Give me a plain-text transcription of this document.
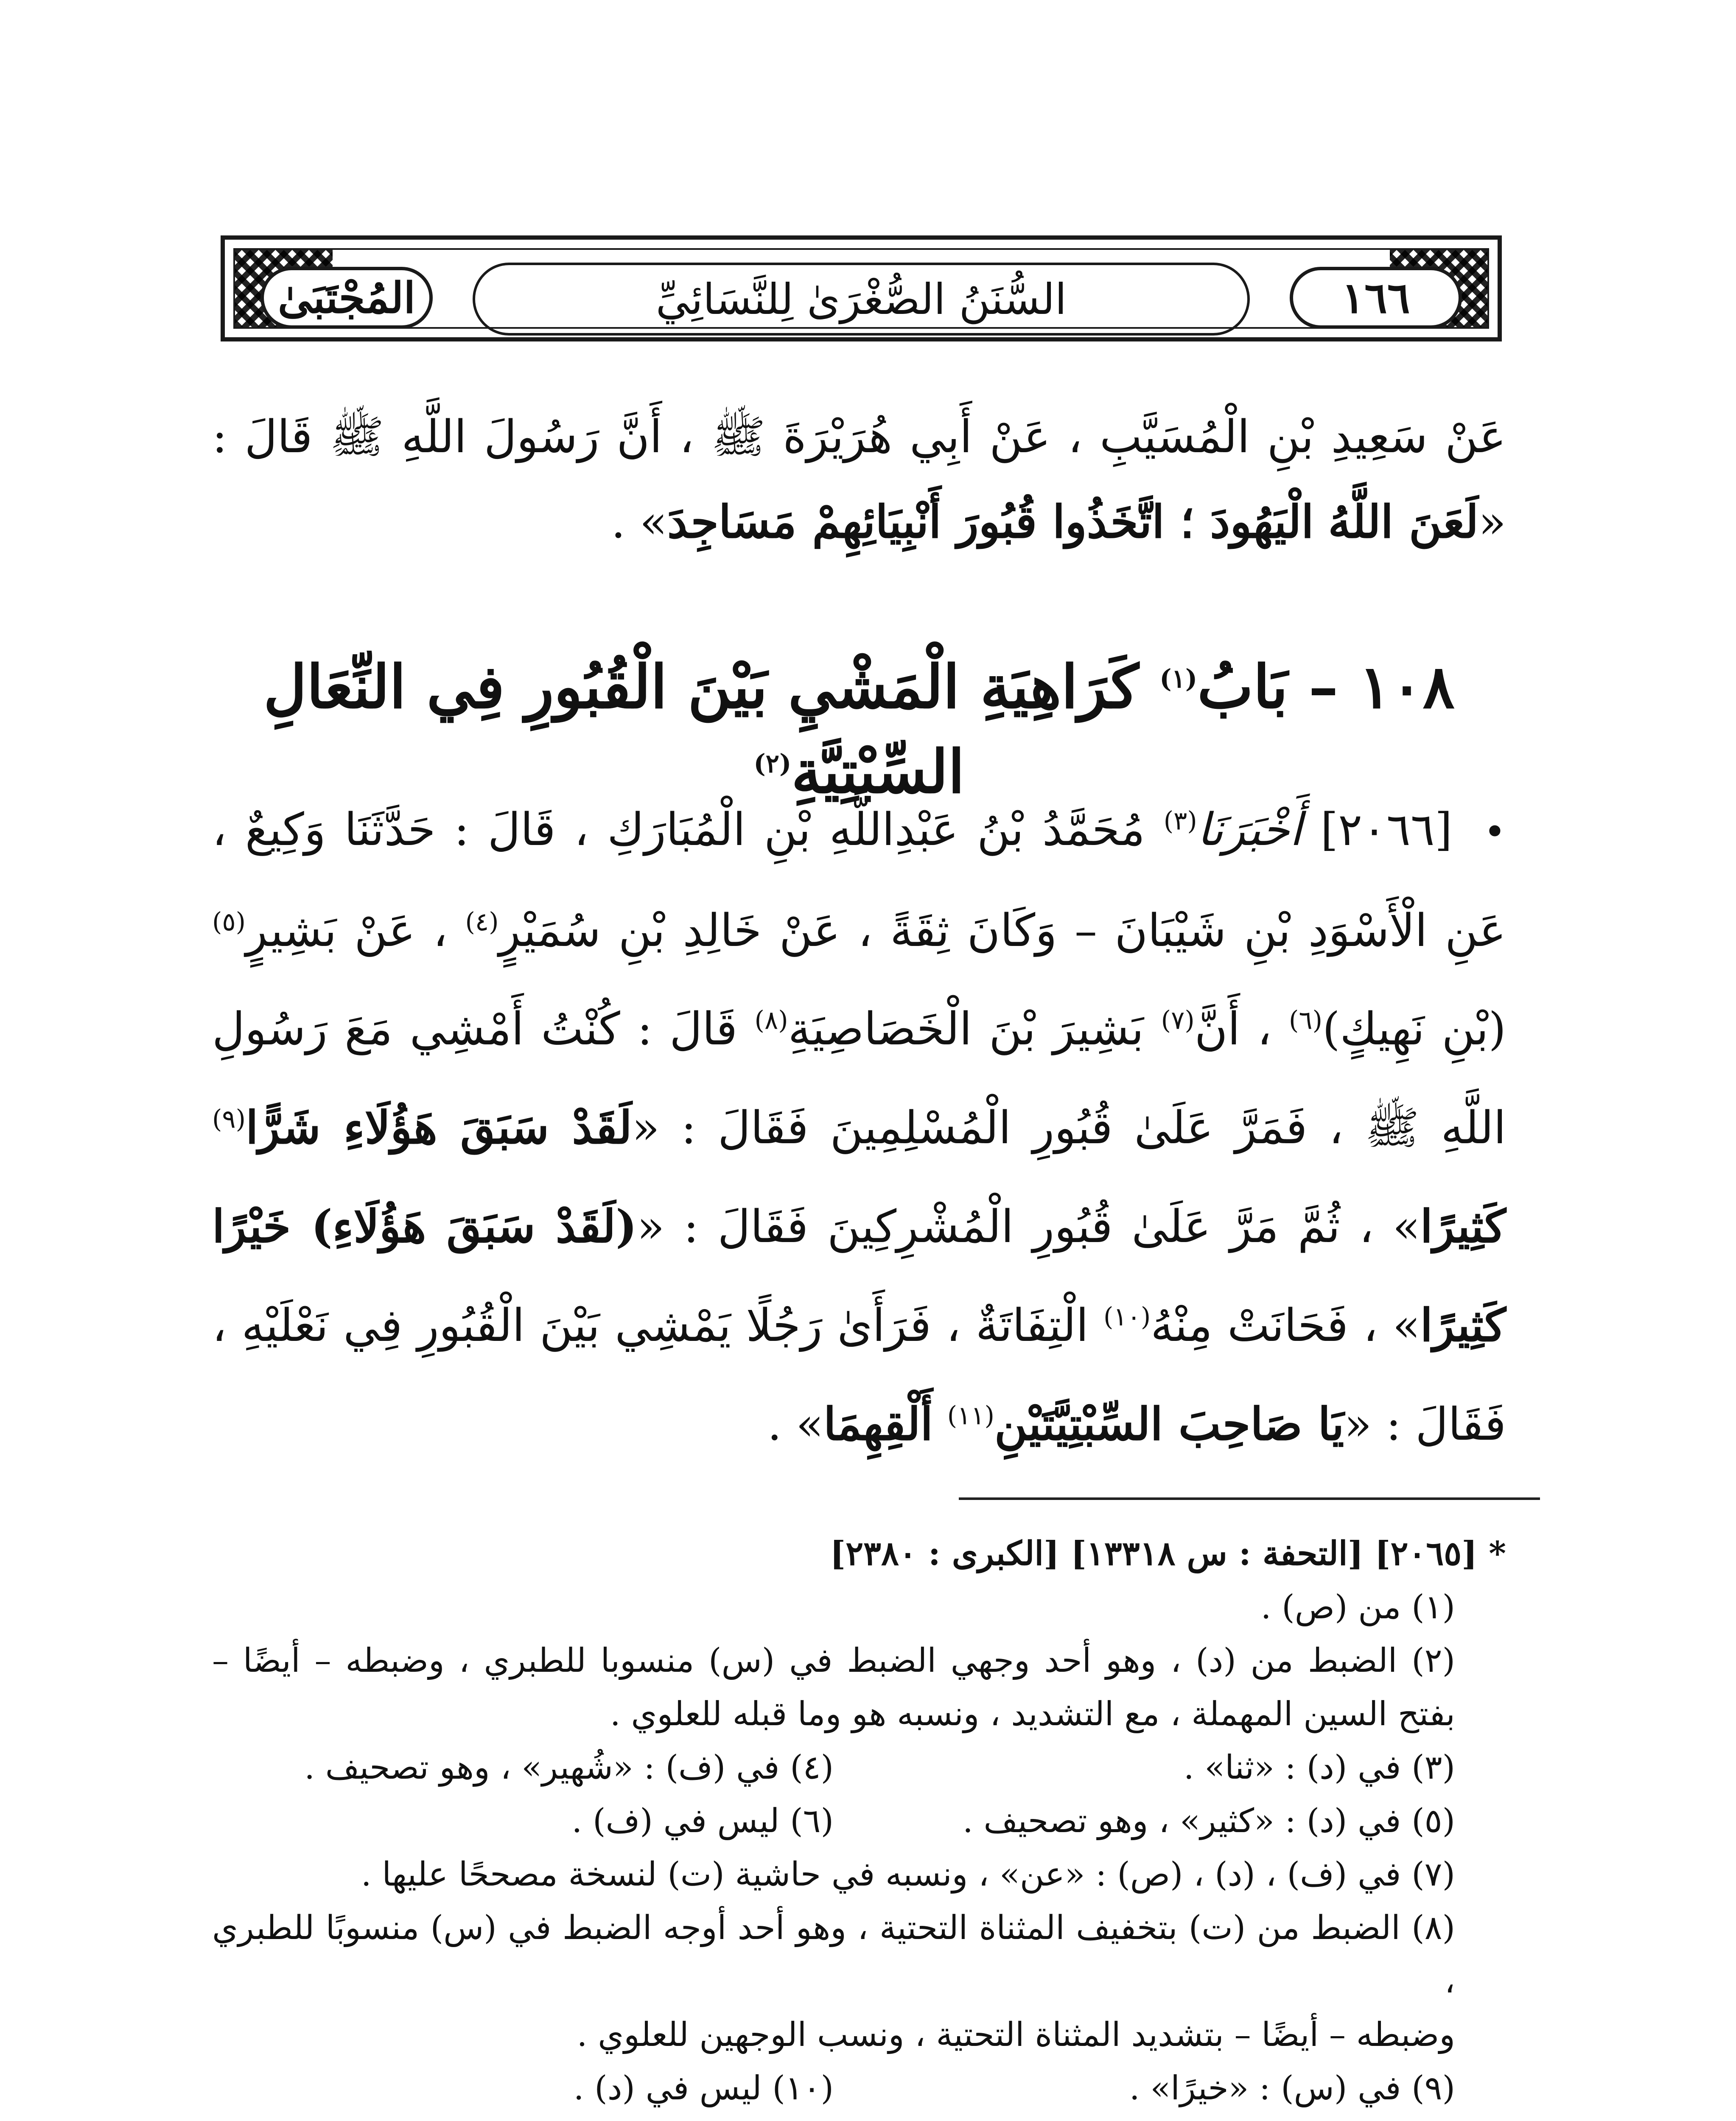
المُجْتَبَىٰ	١٦٦
السُّنَنُ الصُّغْرَىٰ لِلنَّسَائِيِّ

عَنْ سَعِيدِ بْنِ الْمُسَيَّبِ ، عَنْ أَبِي هُرَيْرَةَ ﷺ ، أَنَّ رَسُولَ اللَّهِ ﷺ قَالَ : «لَعَنَ اللَّهُ الْيَهُودَ ؛ اتَّخَذُوا قُبُورَ أَنْبِيَائِهِمْ مَسَاجِدَ» .

١٠٨ – بَابُ$^{(١)}$ كَرَاهِيَةِ الْمَشْيِ بَيْنَ الْقُبُورِ فِي النِّعَالِ السِّبْتِيَّةِ$^{(٢)}$
• [٢٠٦٦] أَخْبَرَنَا$^{(٣)}$ مُحَمَّدُ بْنُ عَبْدِاللَّهِ بْنِ الْمُبَارَكِ ، قَالَ : حَدَّثَنَا وَكِيعٌ ، عَنِ الْأَسْوَدِ بْنِ شَيْبَانَ – وَكَانَ ثِقَةً ، عَنْ خَالِدِ بْنِ سُمَيْرٍ$^{(٤)}$ ، عَنْ بَشِيرٍ$^{(٥)}$ (بْنِ نَهِيكٍ)$^{(٦)}$ ، أَنَّ$^{(٧)}$ بَشِيرَ بْنَ الْخَصَاصِيَةِ$^{(٨)}$ قَالَ : كُنْتُ أَمْشِي مَعَ رَسُولِ اللَّهِ ﷺ ، فَمَرَّ عَلَىٰ قُبُورِ الْمُسْلِمِينَ فَقَالَ : «لَقَدْ سَبَقَ هَؤُلَاءِ شَرًّا$^{(٩)}$ كَثِيرًا» ، ثُمَّ مَرَّ عَلَىٰ قُبُورِ الْمُشْرِكِينَ فَقَالَ : «(لَقَدْ سَبَقَ هَؤُلَاءِ) خَيْرًا كَثِيرًا» ، فَحَانَتْ مِنْهُ$^{(١٠)}$ الْتِفَاتَةٌ ، فَرَأَىٰ رَجُلًا يَمْشِي بَيْنَ الْقُبُورِ فِي نَعْلَيْهِ ، فَقَالَ : «يَا صَاحِبَ السِّبْتِيَّتَيْنِ$^{(١١)}$ أَلْقِهِمَا» .

* [٢٠٦٥] [التحفة : س ١٣٣١٨] [الكبرى : ٢٣٨٠]

(١) من (ص) .

(٢) الضبط من (د) ، وهو أحد وجهي الضبط في (س) منسوبا للطبري ، وضبطه – أيضًا – بفتح السين المهملة ، مع التشديد ، ونسبه هو وما قبله للعلوي .

(٣) في (د) : «ثنا» .
(٤) في (ف) : «شُهير» ، وهو تصحيف .
(٥) في (د) : «كثير» ، وهو تصحيف .
(٦) ليس في (ف) .

(٧) في (ف) ، (د) ، (ص) : «عن» ، ونسبه في حاشية (ت) لنسخة مصححًا عليها .

(٨) الضبط من (ت) بتخفيف المثناة التحتية ، وهو أحد أوجه الضبط في (س) منسوبًا للطبري ،

وضبطه – أيضًا – بتشديد المثناة التحتية ، ونسب الوجهين للعلوي .

(٩) في (س) : «خيرًا» .
(١٠) ليس في (د) .
